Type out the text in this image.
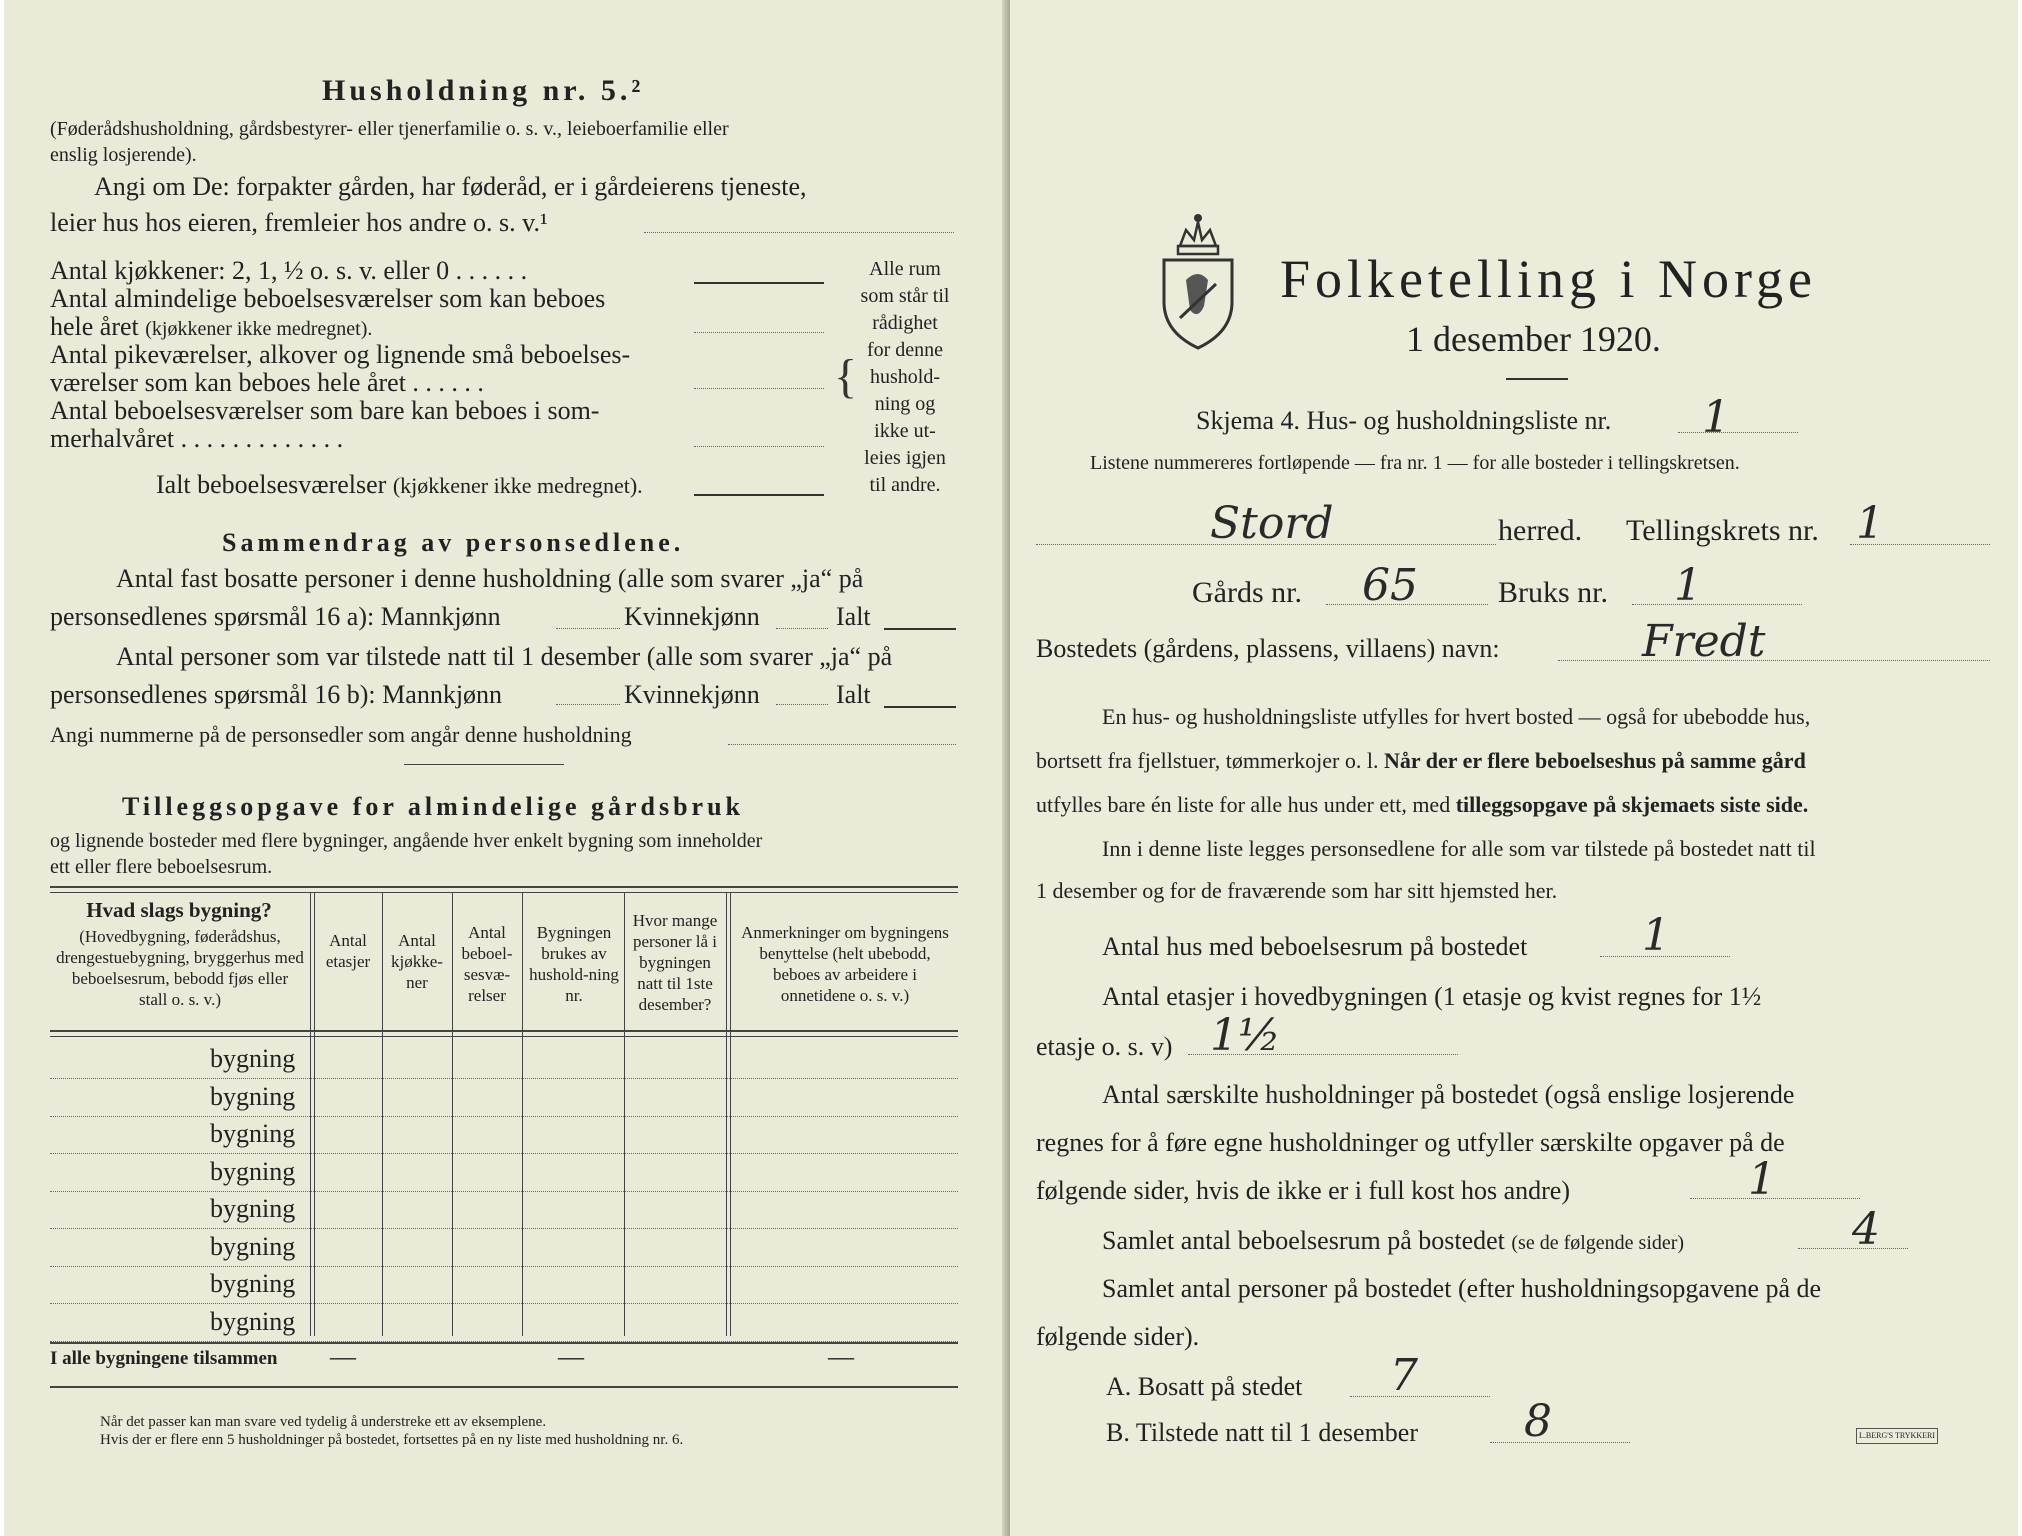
Husholdning nr. 5.²
(Føderådshusholdning, gårdsbestyrer- eller tjenerfamilie o. s. v., leieboerfamilie eller
enslig losjerende).
Angi om De: forpakter gården, har føderåd, er i gårdeierens tjeneste,
leier hus hos eieren, fremleier hos andre o. s. v.¹
Antal kjøkkener: 2, 1, ½ o. s. v. eller 0 . . . . . .
Antal almindelige beboelsesværelser som kan beboes
hele året (kjøkkener ikke medregnet).
Antal pikeværelser, alkover og lignende små beboelses-
værelser som kan beboes hele året . . . . . .
Antal beboelsesværelser som bare kan beboes i som-
merhalvåret . . . . . . . . . . . . .
Ialt beboelsesværelser (kjøkkener ikke medregnet).
{
Alle rum
som står til
rådighet
for denne
hushold-
ning og
ikke ut-
leies igjen
til andre.
Sammendrag av personsedlene.
Antal fast bosatte personer i denne husholdning (alle som svarer „ja“ på
personsedlenes spørsmål 16 a): Mannkjønn	Kvinnekjønn	Ialt
Antal personer som var tilstede natt til 1 desember (alle som svarer „ja“ på
personsedlenes spørsmål 16 b): Mannkjønn	Kvinnekjønn	Ialt
Angi nummerne på de personsedler som angår denne husholdning
Tilleggsopgave for almindelige gårdsbruk
og lignende bosteder med flere bygninger, angående hver enkelt bygning som inneholder
ett eller flere beboelsesrum.
Hvad slags bygning?
(Hovedbygning, føderådshus, drengestuebygning, bryggerhus med beboelsesrum, bebodd fjøs eller stall o. s. v.)
Antal etasjer
Antal kjøkke-ner
Antal beboel-sesvæ-relser
Bygningen brukes av hushold-ning nr.
Hvor mange personer lå i bygningen natt til 1ste desember?
Anmerkninger om bygningens benyttelse (helt ubebodd, beboes av arbeidere i onnetidene o. s. v.)
bygning
bygning
bygning
bygning
bygning
bygning
bygning
bygning
I alle bygningene tilsammen —	—	—
Når det passer kan man svare ved tydelig å understreke ett av eksemplene.
Hvis der er flere enn 5 husholdninger på bostedet, fortsettes på en ny liste med husholdning nr. 6.
Folketelling i Norge
1 desember 1920.
Skjema 4. Hus- og husholdningsliste nr. 1
Listene nummereres fortløpende — fra nr. 1 — for alle bosteder i tellingskretsen.
Stord	herred. Tellingskrets nr. 1
Gårds nr. 65	Bruks nr. 1
Bostedets (gårdens, plassens, villaens) navn:	Fredt
En hus- og husholdningsliste utfylles for hvert bosted — også for ubebodde hus,
bortsett fra fjellstuer, tømmerkojer o. l. Når der er flere beboelseshus på samme gård
utfylles bare én liste for alle hus under ett, med tilleggsopgave på skjemaets siste side.
Inn i denne liste legges personsedlene for alle som var tilstede på bostedet natt til
1 desember og for de fraværende som har sitt hjemsted her.
Antal hus med beboelsesrum på bostedet	1
Antal etasjer i hovedbygningen (1 etasje og kvist regnes for 1½
etasje o. s. v) 1½
Antal særskilte husholdninger på bostedet (også enslige losjerende
regnes for å føre egne husholdninger og utfyller særskilte opgaver på de
følgende sider, hvis de ikke er i full kost hos andre)	1
Samlet antal beboelsesrum på bostedet (se de følgende sider)	4
Samlet antal personer på bostedet (efter husholdningsopgavene på de
følgende sider).
A. Bosatt på stedet 7
B. Tilstede natt til 1 desember 8	L.BERG'S TRYKKERI
